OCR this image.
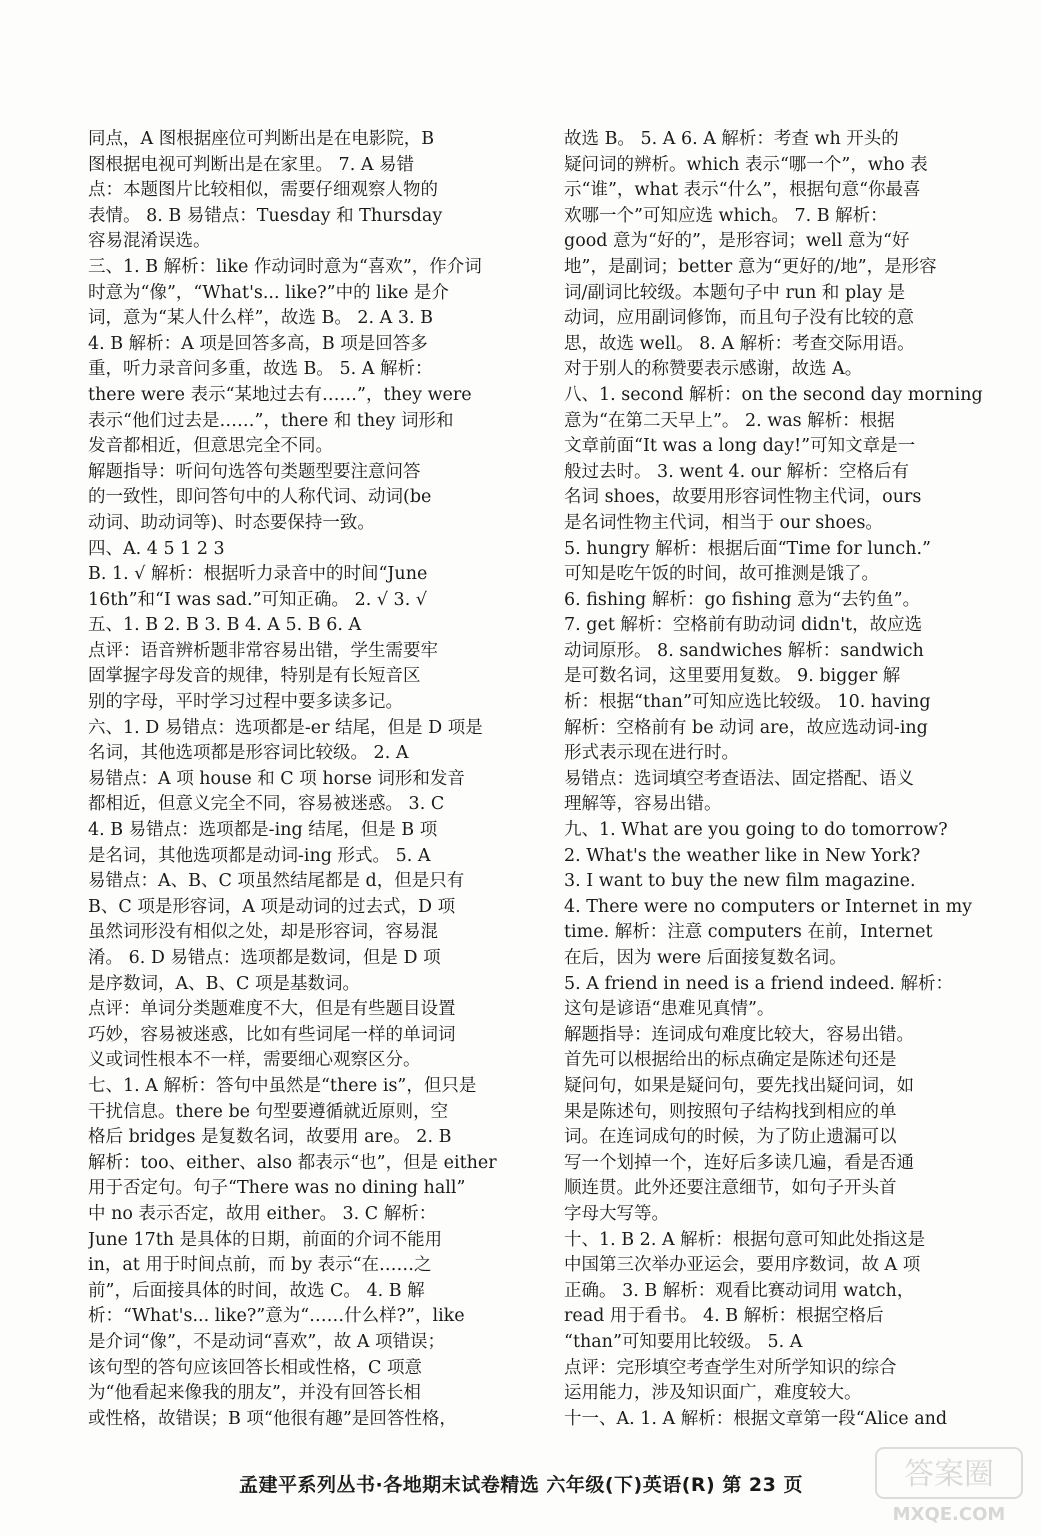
同点，A 图根据座位可判断出是在电影院，B
图根据电视可判断出是在家里。 7. A 易错
点：本题图片比较相似，需要仔细观察人物的
表情。 8. B 易错点：Tuesday 和 Thursday
容易混淆误选。
三、1. B 解析：like 作动词时意为“喜欢”，作介词
时意为“像”，“What's... like?”中的 like 是介
词，意为“某人什么样”，故选 B。 2. A 3. B
4. B 解析：A 项是回答多高，B 项是回答多
重，听力录音问多重，故选 B。 5. A 解析：
there were 表示“某地过去有……”，they were
表示“他们过去是……”，there 和 they 词形和
发音都相近，但意思完全不同。
解题指导：听问句选答句类题型要注意问答
的一致性，即问答句中的人称代词、动词(be
动词、助动词等)、时态要保持一致。
四、A. 4 5 1 2 3
B. 1. √ 解析：根据听力录音中的时间“June
16th”和“I was sad.”可知正确。 2. √ 3. √
五、1. B 2. B 3. B 4. A 5. B 6. A
点评：语音辨析题非常容易出错，学生需要牢
固掌握字母发音的规律，特别是有长短音区
别的字母，平时学习过程中要多读多记。
六、1. D 易错点：选项都是-er 结尾，但是 D 项是
名词，其他选项都是形容词比较级。 2. A
易错点：A 项 house 和 C 项 horse 词形和发音
都相近，但意义完全不同，容易被迷惑。 3. C
4. B 易错点：选项都是-ing 结尾，但是 B 项
是名词，其他选项都是动词-ing 形式。 5. A
易错点：A、B、C 项虽然结尾都是 d，但是只有
B、C 项是形容词，A 项是动词的过去式，D 项
虽然词形没有相似之处，却是形容词，容易混
淆。 6. D 易错点：选项都是数词，但是 D 项
是序数词，A、B、C 项是基数词。
点评：单词分类题难度不大，但是有些题目设置
巧妙，容易被迷惑，比如有些词尾一样的单词词
义或词性根本不一样，需要细心观察区分。
七、1. A 解析：答句中虽然是“there is”，但只是
干扰信息。there be 句型要遵循就近原则，空
格后 bridges 是复数名词，故要用 are。 2. B
解析：too、either、also 都表示“也”，但是 either
用于否定句。句子“There was no dining hall”
中 no 表示否定，故用 either。 3. C 解析：
June 17th 是具体的日期，前面的介词不能用
in，at 用于时间点前，而 by 表示“在……之
前”，后面接具体的时间，故选 C。 4. B 解
析：“What's... like?”意为“……什么样?”，like
是介词“像”，不是动词“喜欢”，故 A 项错误；
该句型的答句应该回答长相或性格，C 项意
为“他看起来像我的朋友”，并没有回答长相
或性格，故错误；B 项“他很有趣”是回答性格，
故选 B。 5. A 6. A 解析：考查 wh 开头的
疑问词的辨析。which 表示“哪一个”，who 表
示“谁”，what 表示“什么”，根据句意“你最喜
欢哪一个”可知应选 which。 7. B 解析：
good 意为“好的”，是形容词；well 意为“好
地”，是副词；better 意为“更好的/地”，是形容
词/副词比较级。本题句子中 run 和 play 是
动词，应用副词修饰，而且句子没有比较的意
思，故选 well。 8. A 解析：考查交际用语。
对于别人的称赞要表示感谢，故选 A。
八、1. second 解析：on the second day morning
意为“在第二天早上”。 2. was 解析：根据
文章前面“It was a long day!”可知文章是一
般过去时。 3. went 4. our 解析：空格后有
名词 shoes，故要用形容词性物主代词，ours
是名词性物主代词，相当于 our shoes。
5. hungry 解析：根据后面“Time for lunch.”
可知是吃午饭的时间，故可推测是饿了。
6. fishing 解析：go fishing 意为“去钓鱼”。
7. get 解析：空格前有助动词 didn't，故应选
动词原形。 8. sandwiches 解析：sandwich
是可数名词，这里要用复数。 9. bigger 解
析：根据“than”可知应选比较级。 10. having
解析：空格前有 be 动词 are，故应选动词-ing
形式表示现在进行时。
易错点：选词填空考查语法、固定搭配、语义
理解等，容易出错。
九、1. What are you going to do tomorrow?
2. What's the weather like in New York?
3. I want to buy the new film magazine.
4. There were no computers or Internet in my
time. 解析：注意 computers 在前，Internet
在后，因为 were 后面接复数名词。
5. A friend in need is a friend indeed. 解析：
这句是谚语“患难见真情”。
解题指导：连词成句难度比较大，容易出错。
首先可以根据给出的标点确定是陈述句还是
疑问句，如果是疑问句，要先找出疑问词，如
果是陈述句，则按照句子结构找到相应的单
词。在连词成句的时候，为了防止遗漏可以
写一个划掉一个，连好后多读几遍，看是否通
顺连贯。此外还要注意细节，如句子开头首
字母大写等。
十、1. B 2. A 解析：根据句意可知此处指这是
中国第三次举办亚运会，要用序数词，故 A 项
正确。 3. B 解析：观看比赛动词用 watch，
read 用于看书。 4. B 解析：根据空格后
“than”可知要用比较级。 5. A
点评：完形填空考查学生对所学知识的综合
运用能力，涉及知识面广，难度较大。
十一、A. 1. A 解析：根据文章第一段“Alice and
孟建平系列丛书·各地期末试卷精选 六年级(下)英语(R) 第 23 页	答案圈
MXQE.COM
